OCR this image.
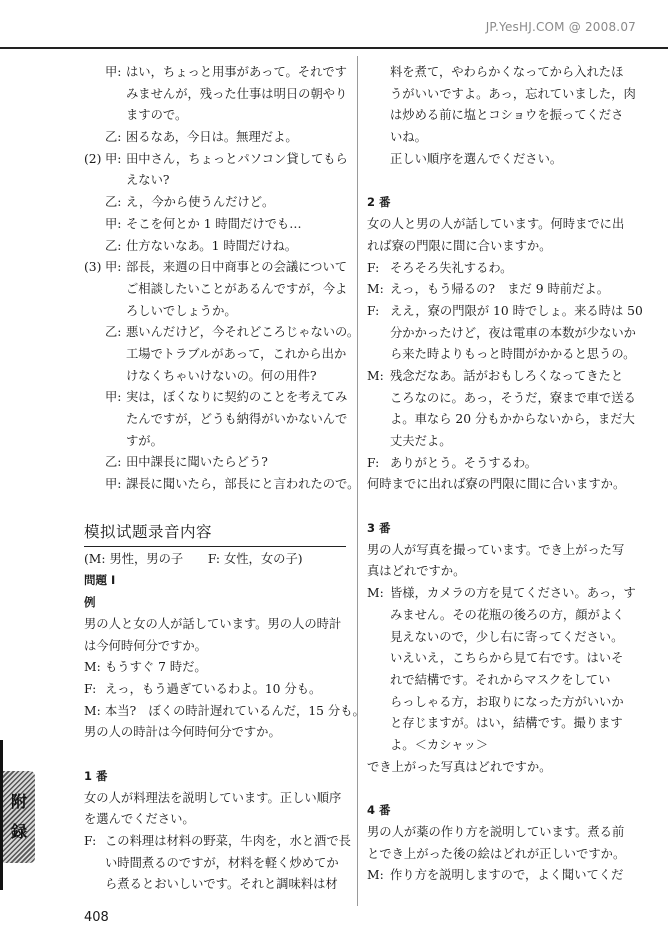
JP.YesHJ.COM @ 2008.07
甲: はい，ちょっと用事があって。それです
みませんが，残った仕事は明日の朝やり
ますので。
乙: 困るなあ，今日は。無理だよ。
(2) 甲: 田中さん，ちょっとパソコン貸してもら
えない?
乙: え，今から使うんだけど。
甲: そこを何とか 1 時間だけでも…
乙: 仕方ないなあ。1 時間だけね。
(3) 甲: 部長，来週の日中商事との会議について
ご相談したいことがあるんですが，今よ
ろしいでしょうか。
乙: 悪いんだけど，今それどころじゃないの。
工場でトラブルがあって，これから出か
けなくちゃいけないの。何の用件?
甲: 実は，ぼくなりに契約のことを考えてみ
たんですが，どうも納得がいかないんで
すが。
乙: 田中課長に聞いたらどう?
甲: 課長に聞いたら，部長にと言われたので。
模拟试题录音内容
(M: 男性，男の子　　F: 女性，女の子)
問題 Ⅰ
例
男の人と女の人が話しています。男の人の時計
は今何時何分ですか。
M: もうすぐ 7 時だ。
F: えっ，もう過ぎているわよ。10 分も。
M: 本当?　ぼくの時計遅れているんだ，15 分も。
男の人の時計は今何時何分ですか。
1 番
女の人が料理法を説明しています。正しい順序
を選んでください。
F: この料理は材料の野菜，牛肉を，水と酒で長
い時間煮るのですが，材料を軽く炒めてか
ら煮るとおいしいです。それと調味料は材
料を煮て，やわらかくなってから入れたほ
うがいいですよ。あっ，忘れていました，肉
は炒める前に塩とコショウを振ってくださ
いね。
正しい順序を選んでください。
2 番
女の人と男の人が話しています。何時までに出
れば寮の門限に間に合いますか。
F: そろそろ失礼するわ。
M: えっ，もう帰るの?　まだ 9 時前だよ。
F: ええ，寮の門限が 10 時でしょ。来る時は 50
分かかったけど，夜は電車の本数が少ないか
ら来た時よりもっと時間がかかると思うの。
M: 残念だなあ。話がおもしろくなってきたと
ころなのに。あっ，そうだ，寮まで車で送る
よ。車なら 20 分もかからないから，まだ大
丈夫だよ。
F: ありがとう。そうするわ。
何時までに出れば寮の門限に間に合いますか。
3 番
男の人が写真を撮っています。でき上がった写
真はどれですか。
M: 皆様，カメラの方を見てください。あっ，す
みません。その花瓶の後ろの方，顔がよく
見えないので，少し右に寄ってください。
いえいえ，こちらから見て右です。はいそ
れで結構です。それからマスクをしてい
らっしゃる方，お取りになった方がいいか
と存じますが。はい，結構です。撮ります
よ。＜カシャッ＞
でき上がった写真はどれですか。
4 番
男の人が薬の作り方を説明しています。煮る前
とでき上がった後の絵はどれが正しいですか。
M: 作り方を説明しますので，よく聞いてくだ
408
附
録
